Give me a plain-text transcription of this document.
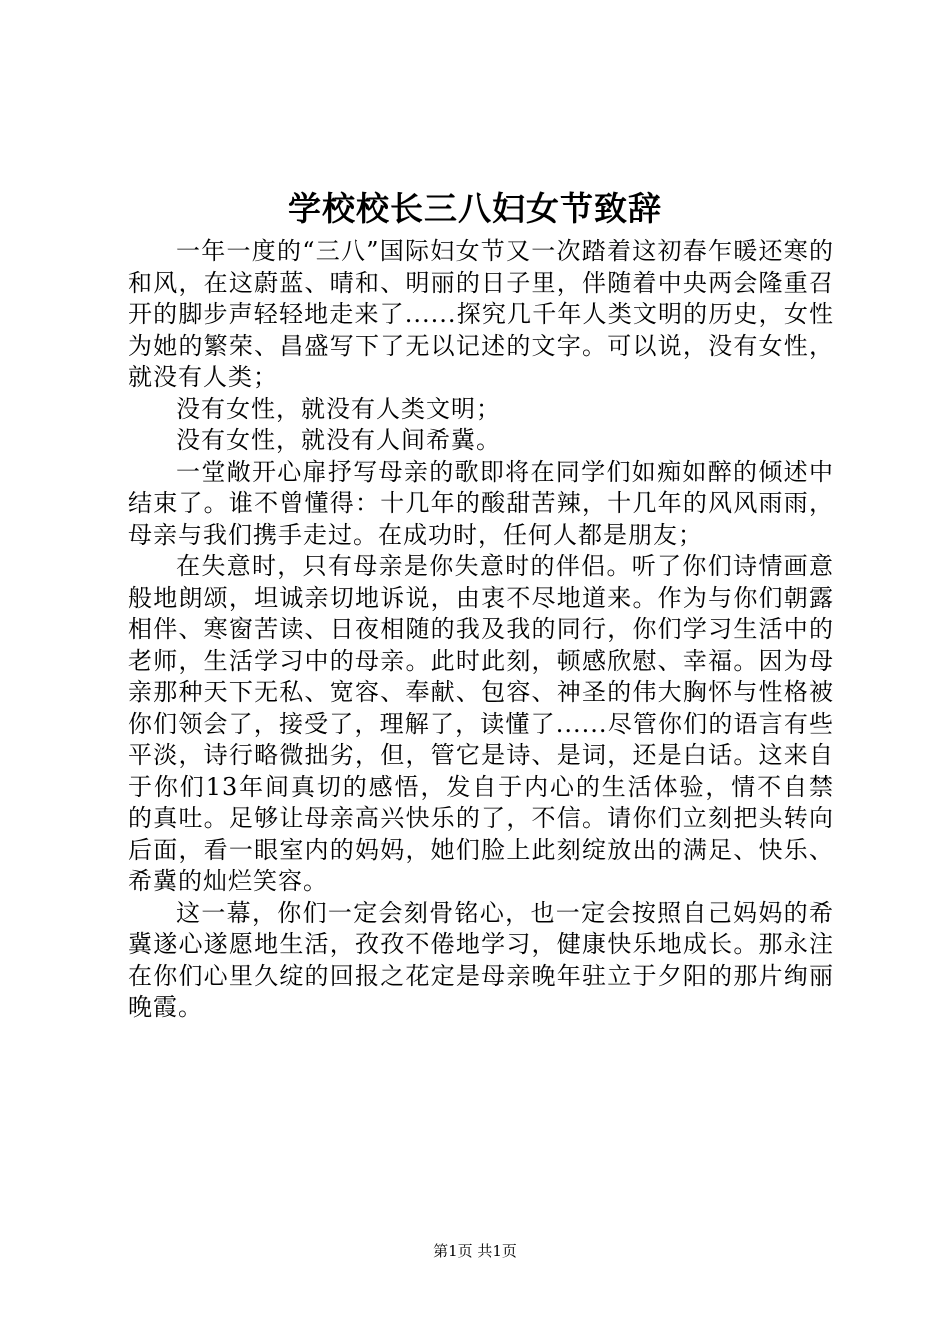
学校校长三八妇女节致辞

一年一度的“三八”国际妇女节又一次踏着这初春乍暖还寒的和风，在这蔚蓝、晴和、明丽的日子里，伴随着中央两会隆重召开的脚步声轻轻地走来了......探究几千年人类文明的历史，女性为她的繁荣、昌盛写下了无以记述的文字。可以说，没有女性，就没有人类；

没有女性，就没有人类文明；

没有女性，就没有人间希冀。

一堂敞开心扉抒写母亲的歌即将在同学们如痴如醉的倾述中结束了。谁不曾懂得：十几年的酸甜苦辣，十几年的风风雨雨，母亲与我们携手走过。在成功时，任何人都是朋友；

在失意时，只有母亲是你失意时的伴侣。听了你们诗情画意般地朗颂，坦诚亲切地诉说，由衷不尽地道来。作为与你们朝露相伴、寒窗苦读、日夜相随的我及我的同行，你们学习生活中的老师，生活学习中的母亲。此时此刻，顿感欣慰、幸福。因为母亲那种天下无私、宽容、奉献、包容、神圣的伟大胸怀与性格被你们领会了，接受了，理解了，读懂了......尽管你们的语言有些平淡，诗行略微拙劣，但，管它是诗、是词，还是白话。这来自于你们13年间真切的感悟，发自于内心的生活体验，情不自禁的真吐。足够让母亲高兴快乐的了，不信。请你们立刻把头转向后面，看一眼室内的妈妈，她们脸上此刻绽放出的满足、快乐、希冀的灿烂笑容。

这一幕，你们一定会刻骨铭心，也一定会按照自己妈妈的希冀遂心遂愿地生活，孜孜不倦地学习，健康快乐地成长。那永注在你们心里久绽的回报之花定是母亲晚年驻立于夕阳的那片绚丽晚霞。

第1页 共1页
